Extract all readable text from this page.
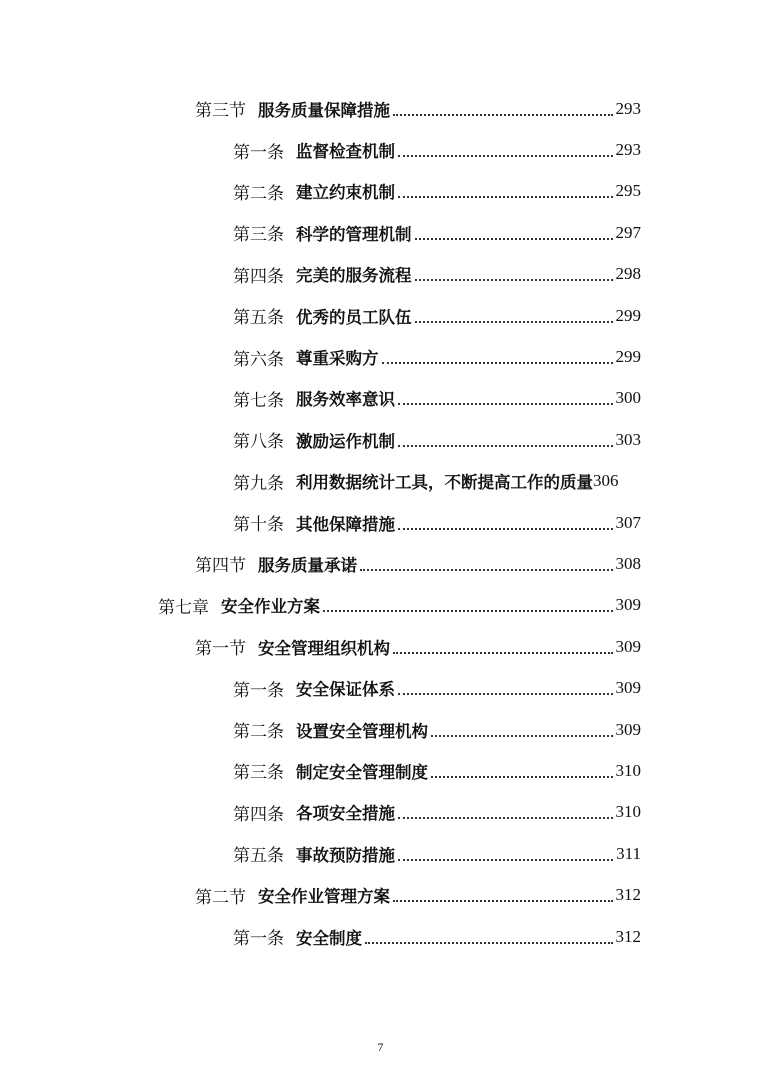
第三节 服务质量保障措施	293
第一条 监督检查机制	293
第二条 建立约束机制	295
第三条 科学的管理机制	297
第四条 完美的服务流程	298
第五条 优秀的员工队伍	299
第六条 尊重采购方	299
第七条 服务效率意识	300
第八条 激励运作机制	303
第九条 利用数据统计工具，不断提高工作的质量 306
第十条 其他保障措施	307
第四节 服务质量承诺	308
第七章 安全作业方案	309
第一节 安全管理组织机构	309
第一条 安全保证体系	309
第二条 设置安全管理机构	309
第三条 制定安全管理制度	310
第四条 各项安全措施	310
第五条 事故预防措施	311
第二节 安全作业管理方案	312
第一条 安全制度	312
7
